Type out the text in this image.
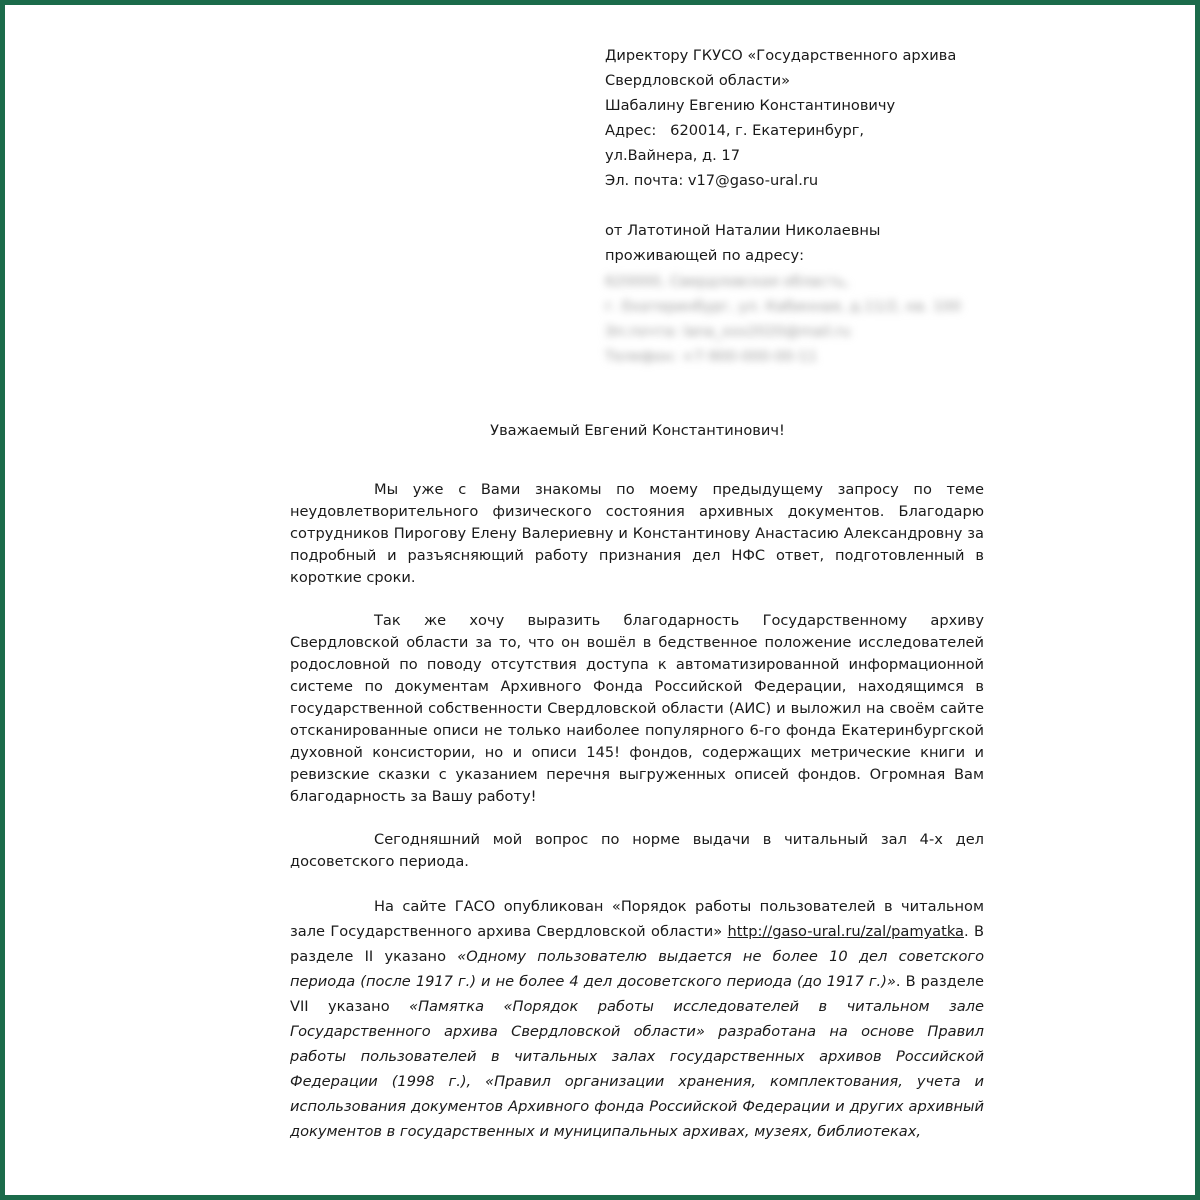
Директору ГКУСО «Государственного архива
Свердловской области»
Шабалину Евгению Константиновичу
Адрес:   620014, г. Екатеринбург,
ул.Вайнера, д. 17
Эл. почта: v17@gaso-ural.ru
от Латотиной Наталии Николаевны
проживающей по адресу:
620000, Свердловская область,
г. Екатеринбург, ул. Кабинная, д.11/2, кв. 100
Эл.почта: lana_xxx2020@mail.ru
Телефон: +7-900-000-00-11
Уважаемый Евгений Константинович!

Мы уже с Вами знакомы по моему предыдущему запросу по теме неудовлетворительного физического состояния архивных документов. Благодарю сотрудников Пирогову Елену Валериевну и Константинову Анастасию Александровну за подробный и разъясняющий работу признания дел НФС ответ, подготовленный в короткие сроки.

Так же хочу выразить благодарность Государственному архиву Свердловской области за то, что он вошёл в бедственное положение исследователей родословной по поводу отсутствия доступа к автоматизированной информационной системе по документам Архивного Фонда Российской Федерации, находящимся в государственной собственности Свердловской области (АИС) и выложил на своём сайте отсканированные описи не только наиболее популярного 6-го фонда Екатеринбургской духовной консистории, но и описи 145! фондов, содержащих метрические книги и ревизские сказки с указанием перечня выгруженных описей фондов. Огромная Вам благодарность за Вашу работу!

Сегодняшний мой вопрос по норме выдачи в читальный зал 4-х дел досоветского периода.

На сайте ГАСО опубликован «Порядок работы пользователей в читальном зале Государственного архива Свердловской области» http://gaso-ural.ru/zal/pamyatka. В разделе II указано «Одному пользователю выдается не более 10 дел советского периода (после 1917 г.) и не более 4 дел досоветского периода (до 1917 г.)». В разделе VII указано «Памятка «Порядок работы исследователей в читальном зале Государственного архива Свердловской области» разработана на основе Правил работы пользователей в читальных залах государственных архивов Российской Федерации (1998 г.), «Правил организации хранения, комплектования, учета и использования документов Архивного фонда Российской Федерации и других архивный документов в государственных и муниципальных архивах, музеях, библиотеках,
